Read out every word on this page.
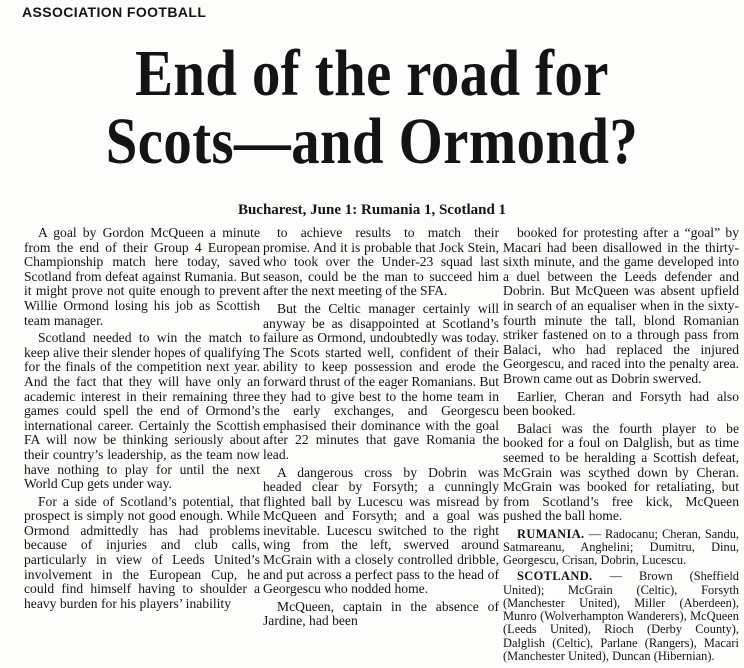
ASSOCIATION FOOTBALL
End of the road for
Scots—and Ormond?
Bucharest, June 1: Rumania 1, Scotland 1

A goal by Gordon McQueen a minute from the end of their Group 4 European Championship match here today, saved Scotland from defeat against Rumania. But it might prove not quite enough to prevent Willie Ormond losing his job as Scottish team manager.

Scotland needed to win the match to keep alive their slender hopes of qualifying for the finals of the competition next year. And the fact that they will have only an academic interest in their remaining three games could spell the end of Ormond’s international career. Certainly the Scottish FA will now be thinking seriously about their country’s leadership, as the team now have nothing to play for until the next World Cup gets under way.

For a side of Scotland’s potential, that prospect is simply not good enough. While Ormond admittedly has had problems because of injuries and club calls, particularly in view of Leeds United’s involvement in the European Cup, he could find himself having to shoulder a heavy burden for his players’ inability

to achieve results to match their promise. And it is probable that Jock Stein, who took over the Under-23 squad last season, could be the man to succeed him after the next meeting of the SFA.

But the Celtic manager certainly will anyway be as disappointed at Scotland’s failure as Ormond, undoubtedly was today. The Scots started well, confident of their ability to keep possession and erode the forward thrust of the eager Romanians. But they had to give best to the home team in the early exchanges, and Georgescu emphasised their dominance with the goal after 22 minutes that gave Romania the lead.

A dangerous cross by Dobrin was headed clear by Forsyth; a cunningly flighted ball by Lucescu was misread by McQueen and Forsyth; and a goal was inevitable. Lucescu switched to the right wing from the left, swerved around McGrain with a closely controlled dribble, and put across a perfect pass to the head of Georgescu who nodded home.

McQueen, captain in the absence of Jardine, had been

booked for protesting after a “goal” by Macari had been disallowed in the thirty-sixth minute, and the game developed into a duel between the Leeds defender and Dobrin. But McQueen was absent upfield in search of an equaliser when in the sixty-fourth minute the tall, blond Romanian striker fastened on to a through pass from Balaci, who had replaced the injured Georgescu, and raced into the penalty area. Brown came out as Dobrin swerved.

Earlier, Cheran and Forsyth had also been booked.

Balaci was the fourth player to be booked for a foul on Dalglish, but as time seemed to be heralding a Scottish defeat, McGrain was scythed down by Cheran. McGrain was booked for retaliating, but from Scotland’s free kick, McQueen pushed the ball home.

RUMANIA. — Radocanu; Cheran, Sandu, Satmareanu, Anghelini; Dumitru, Dinu, Georgescu, Crisan, Dobrin, Lucescu.

SCOTLAND. — Brown (Sheffield United); McGrain (Celtic), Forsyth (Manchester United), Miller (Aberdeen), Munro (Wolverhampton Wanderers), McQueen (Leeds United), Rioch (Derby County), Dalglish (Celtic), Parlane (Rangers), Macari (Manchester United), Duncan (Hibernian).
